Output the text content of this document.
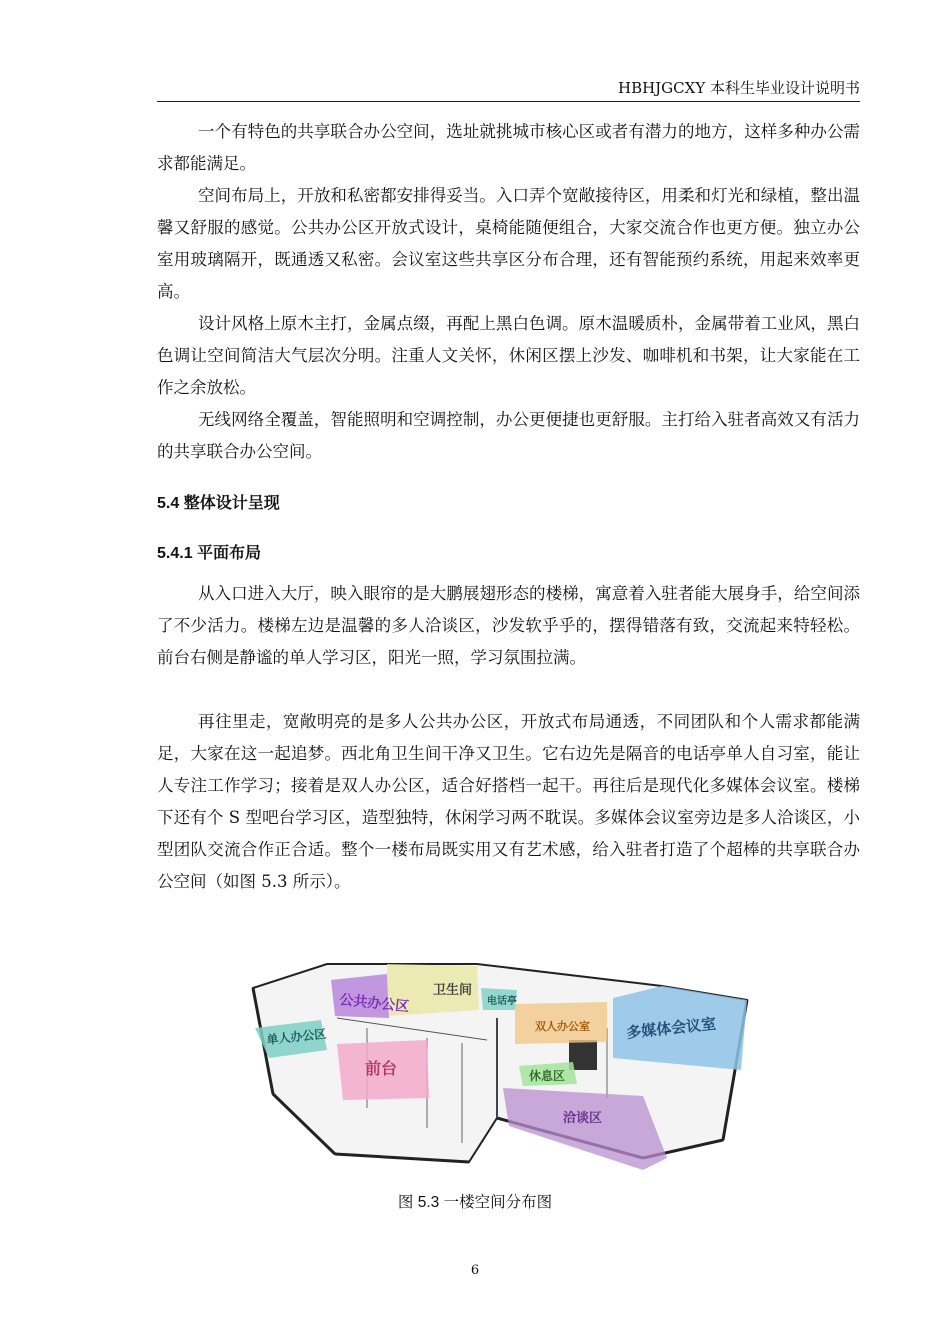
HBHJGCXY 本科生毕业设计说明书

一个有特色的共享联合办公空间，选址就挑城市核心区或者有潜力的地方，这样多种办公需求都能满足。

空间布局上，开放和私密都安排得妥当。入口弄个宽敞接待区，用柔和灯光和绿植，整出温馨又舒服的感觉。公共办公区开放式设计，桌椅能随便组合，大家交流合作也更方便。独立办公室用玻璃隔开，既通透又私密。会议室这些共享区分布合理，还有智能预约系统，用起来效率更高。

设计风格上原木主打，金属点缀，再配上黑白色调。原木温暖质朴，金属带着工业风，黑白色调让空间简洁大气层次分明。注重人文关怀，休闲区摆上沙发、咖啡机和书架，让大家能在工作之余放松。

无线网络全覆盖，智能照明和空调控制，办公更便捷也更舒服。主打给入驻者高效又有活力的共享联合办公空间。

5.4 整体设计呈现
5.4.1 平面布局

从入口进入大厅，映入眼帘的是大鹏展翅形态的楼梯，寓意着入驻者能大展身手，给空间添了不少活力。楼梯左边是温馨的多人洽谈区，沙发软乎乎的，摆得错落有致，交流起来特轻松。前台右侧是静谧的单人学习区，阳光一照，学习氛围拉满。

再往里走，宽敞明亮的是多人公共办公区，开放式布局通透，不同团队和个人需求都能满足，大家在这一起追梦。西北角卫生间干净又卫生。它右边先是隔音的电话亭单人自习室，能让人专注工作学习；接着是双人办公区，适合好搭档一起干。再往后是现代化多媒体会议室。楼梯下还有个 S 型吧台学习区，造型独特，休闲学习两不耽误。多媒体会议室旁边是多人洽谈区，小型团队交流合作正合适。整个一楼布局既实用又有艺术感，给入驻者打造了个超棒的共享联合办公空间（如图 5.3 所示）。

公共办公区
卫生间
电话亭
双人办公室 多媒体会议室
单人办公区
前台	休息区
洽谈区
图 5.3 一楼空间分布图
6
